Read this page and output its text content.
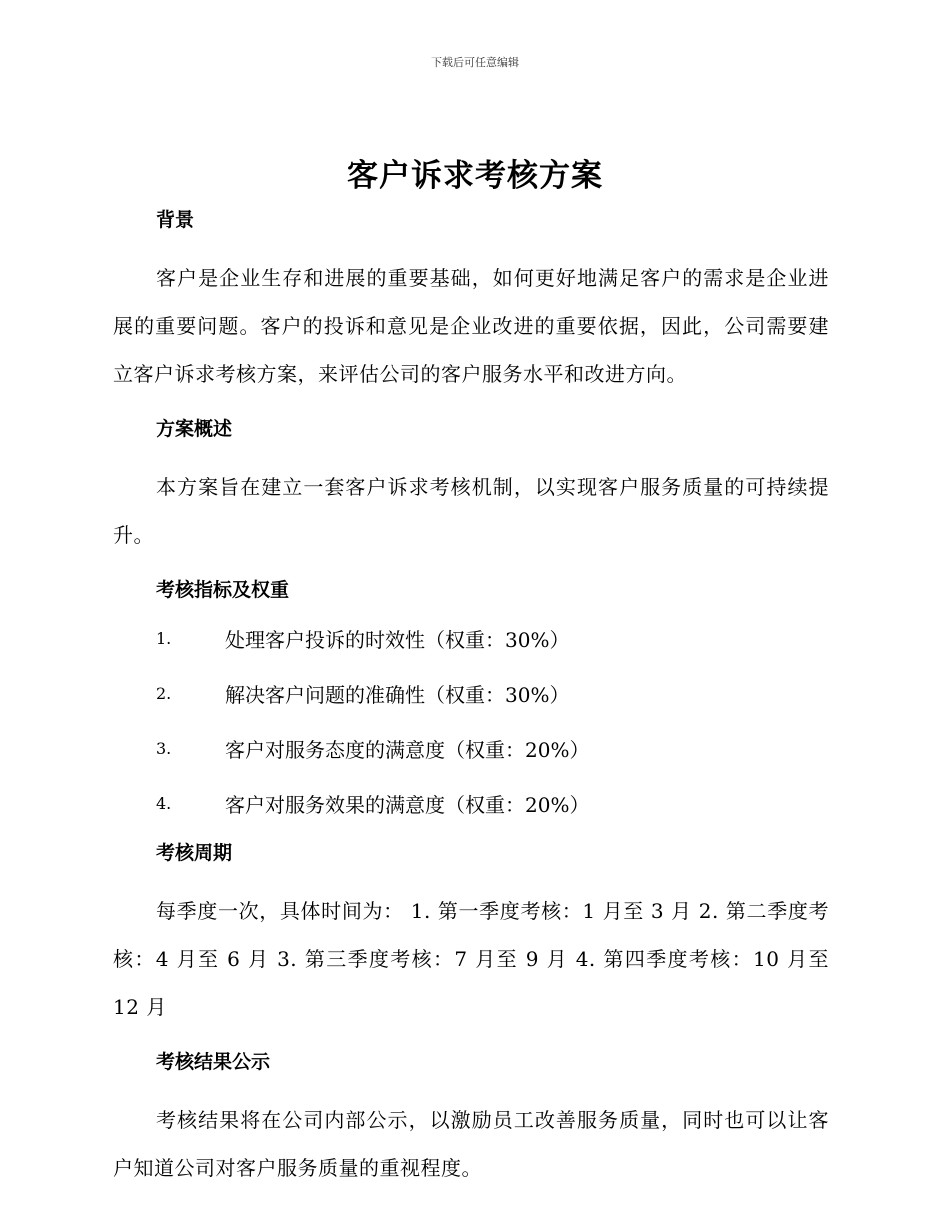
下载后可任意编辑
客户诉求考核方案
背景
客户是企业生存和进展的重要基础，如何更好地满足客户的需求是企业进展的重要问题。客户的投诉和意见是企业改进的重要依据，因此，公司需要建立客户诉求考核方案，来评估公司的客户服务水平和改进方向。
方案概述
本方案旨在建立一套客户诉求考核机制，以实现客户服务质量的可持续提升。
考核指标及权重
1.	处理客户投诉的时效性（权重：30%）
2.	解决客户问题的准确性（权重：30%）
3.	客户对服务态度的满意度（权重：20%）
4.	客户对服务效果的满意度（权重：20%）
考核周期
每季度一次，具体时间为： 1. 第一季度考核：1 月至 3 月 2. 第二季度考核：4 月至 6 月 3. 第三季度考核：7 月至 9 月 4. 第四季度考核：10 月至 12 月
考核结果公示
考核结果将在公司内部公示，以激励员工改善服务质量，同时也可以让客户知道公司对客户服务质量的重视程度。
